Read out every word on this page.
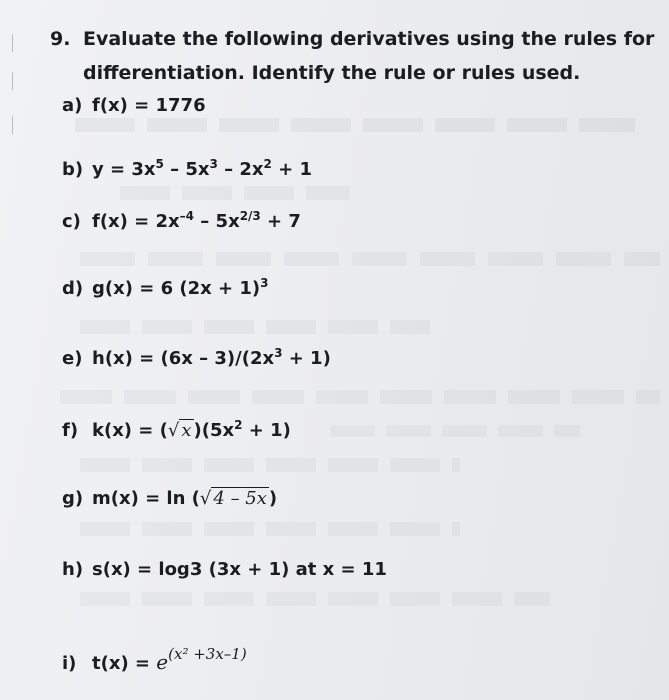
9. Evaluate the following derivatives using the rules for
differentiation. Identify the rule or rules used.
a) f(x) = 1776
b) $y = 3x^5 - 5x^3 - 2x^2 + 1$
c) $f(x) = 2x^{-4} - 5x^{2/3} + 7$
d) g(x) = 6 $(2x + 1)^3$
e) $h(x) = (6x - 3)/(2x^3 + 1)$
f) k(x) = (√ x )$(5x^2 + 1)$
g) m(x) = ln (√ 4 – 5x )
h) s(x) = log3 (3x + 1) at x = 11
i) $t(x) = e^{(x^2 +3x-1)}$
